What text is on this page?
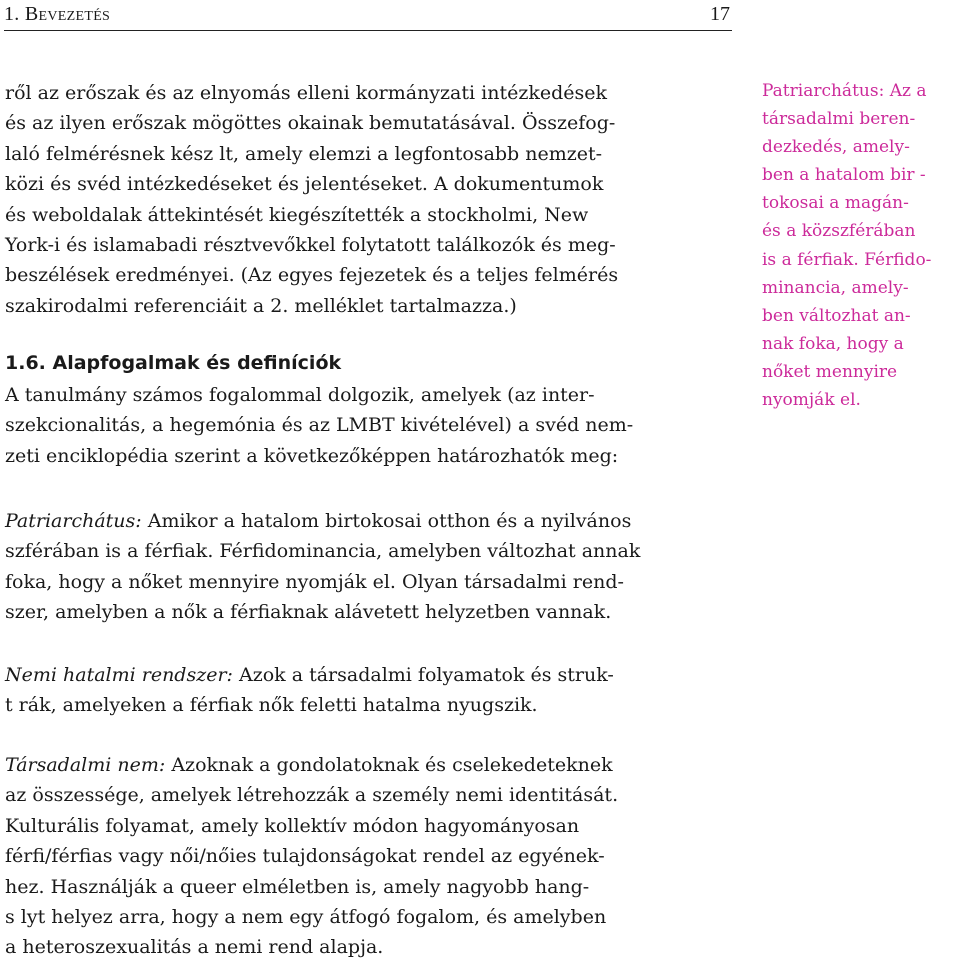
1. Bevezetés	17
ről az erőszak és az elnyomás elleni kormányzati intézkedések
és az ilyen erőszak mögöttes okainak bemutatásával. Összefog-
laló felmérésnek kész lt, amely elemzi a legfontosabb nemzet-
közi és svéd intézkedéseket és jelentéseket. A dokumentumok
és weboldalak áttekintését kiegészítették a stockholmi, New
York-i és islamabadi résztvevőkkel folytatott találkozók és meg-
beszélések eredményei. (Az egyes fejezetek és a teljes felmérés
szakirodalmi referenciáit a 2. melléklet tartalmazza.)
Patriarchátus: Az a
társadalmi beren-
dezkedés, amely-
ben a hatalom bir -
tokosai a magán-
és a közszférában
is a férfiak. Férfido-
minancia, amely-
ben változhat an-
nak foka, hogy a
nőket mennyire
nyomják el.
1.6. Alapfogalmak és definíciók
A tanulmány számos fogalommal dolgozik, amelyek (az inter-
szekcionalitás, a hegemónia és az LMBT kivételével) a svéd nem-
zeti enciklopédia szerint a következőképpen határozhatók meg:
Patriarchátus: Amikor a hatalom birtokosai otthon és a nyilvános
szférában is a férfiak. Férfidominancia, amelyben változhat annak
foka, hogy a nőket mennyire nyomják el. Olyan társadalmi rend-
szer, amelyben a nők a férfiaknak alávetett helyzetben vannak.
Nemi hatalmi rendszer: Azok a társadalmi folyamatok és struk-
t rák, amelyeken a férfiak nők feletti hatalma nyugszik.
Társadalmi nem: Azoknak a gondolatoknak és cselekedeteknek
az összessége, amelyek létrehozzák a személy nemi identitását.
Kulturális folyamat, amely kollektív módon hagyományosan
férfi/férfias vagy női/nőies tulajdonságokat rendel az egyének-
hez. Használják a queer elméletben is, amely nagyobb hang-
s lyt helyez arra, hogy a nem egy átfogó fogalom, és amelyben
a heteroszexualitás a nemi rend alapja.
